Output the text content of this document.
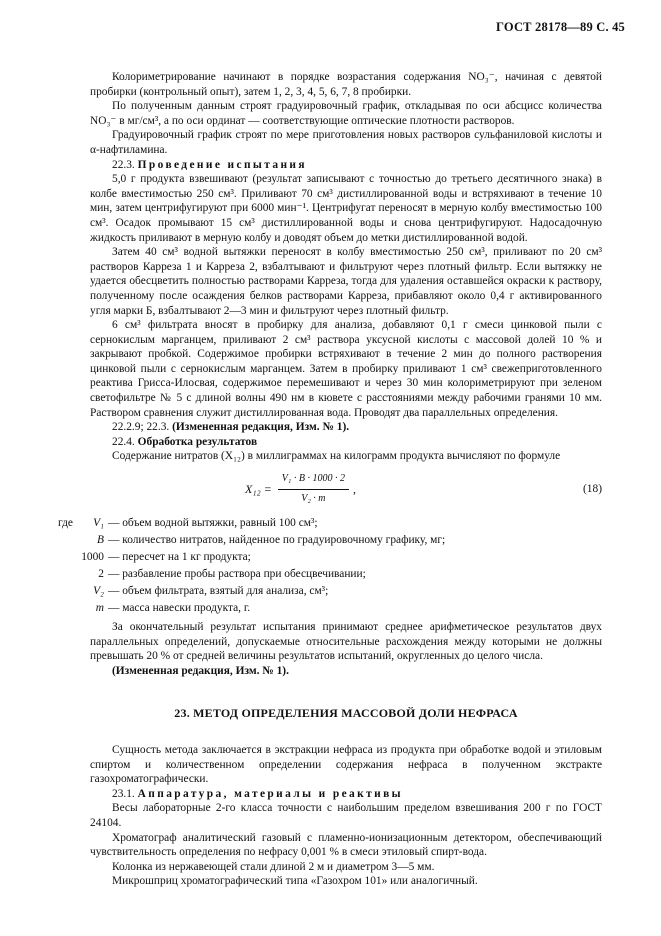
ГОСТ 28178—89 С. 45

Колориметрирование начинают в порядке возрастания содержания NO₃⁻, начиная с девятой пробирки (контрольный опыт), затем 1, 2, 3, 4, 5, 6, 7, 8 пробирки.

По полученным данным строят градуировочный график, откладывая по оси абсцисс количества NO₃⁻ в мг/см³, а по оси ординат — соответствующие оптические плотности растворов.

Градуировочный график строят по мере приготовления новых растворов сульфаниловой кислоты и α-нафтиламина.

22.3. Проведение испытания

5,0 г продукта взвешивают (результат записывают с точностью до третьего десятичного знака) в колбе вместимостью 250 см³. Приливают 70 см³ дистиллированной воды и встряхивают в течение 10 мин, затем центрифугируют при 6000 мин⁻¹. Центрифугат переносят в мерную колбу вместимостью 100 см³. Осадок промывают 15 см³ дистиллированной воды и снова центрифугируют. Надосадочную жидкость приливают в мерную колбу и доводят объем до метки дистиллированной водой.

Затем 40 см³ водной вытяжки переносят в колбу вместимостью 250 см³, приливают по 20 см³ растворов Карреза 1 и Карреза 2, взбалтывают и фильтруют через плотный фильтр. Если вытяжку не удается обесцветить полностью растворами Карреза, тогда для удаления оставшейся окраски к раствору, полученному после осаждения белков растворами Карреза, прибавляют около 0,4 г активированного угля марки Б, взбалтывают 2—3 мин и фильтруют через плотный фильтр.

6 см³ фильтрата вносят в пробирку для анализа, добавляют 0,1 г смеси цинковой пыли с сернокислым марганцем, приливают 2 см³ раствора уксусной кислоты с массовой долей 10 % и закрывают пробкой. Содержимое пробирки встряхивают в течение 2 мин до полного растворения цинковой пыли с сернокислым марганцем. Затем в пробирку приливают 1 см³ свежеприготовленного реактива Грисса-Илосвая, содержимое перемешивают и через 30 мин колориметрируют при зеленом светофильтре № 5 с длиной волны 490 нм в кювете с расстояниями между рабочими гранями 10 мм. Раствором сравнения служит дистиллированная вода. Проводят два параллельных определения.

22.2.9; 22.3. (Измененная редакция, Изм. № 1).

22.4. Обработка результатов

Содержание нитратов (X₁₂) в миллиграммах на килограмм продукта вычисляют по формуле

$X_{12} = \frac{\text{V₁ · B · 1000 · 2}}{\text{V₂ · m}}$ ,	(18)
где V₁ — объем водной вытяжки, равный 100 см³;
B — количество нитратов, найденное по градуировочному графику, мг;
1000 — пересчет на 1 кг продукта;
2 — разбавление пробы раствора при обесцвечивании;
V₂ — объем фильтрата, взятый для анализа, см³;
m — масса навески продукта, г.

За окончательный результат испытания принимают среднее арифметическое результатов двух параллельных определений, допускаемые относительные расхождения между которыми не должны превышать 20 % от средней величины результатов испытаний, округленных до целого числа.

(Измененная редакция, Изм. № 1).

23. МЕТОД ОПРЕДЕЛЕНИЯ МАССОВОЙ ДОЛИ НЕФРАСА

Сущность метода заключается в экстракции нефраса из продукта при обработке водой и этиловым спиртом и количественном определении содержания нефраса в полученном экстракте газохроматографически.

23.1. Аппаратура, материалы и реактивы

Весы лабораторные 2-го класса точности с наибольшим пределом взвешивания 200 г по ГОСТ 24104.

Хроматограф аналитический газовый с пламенно-ионизационным детектором, обеспечивающий чувствительность определения по нефрасу 0,001 % в смеси этиловый спирт-вода.

Колонка из нержавеющей стали длиной 2 м и диаметром 3—5 мм.

Микрошприц хроматографический типа «Газохром 101» или аналогичный.
